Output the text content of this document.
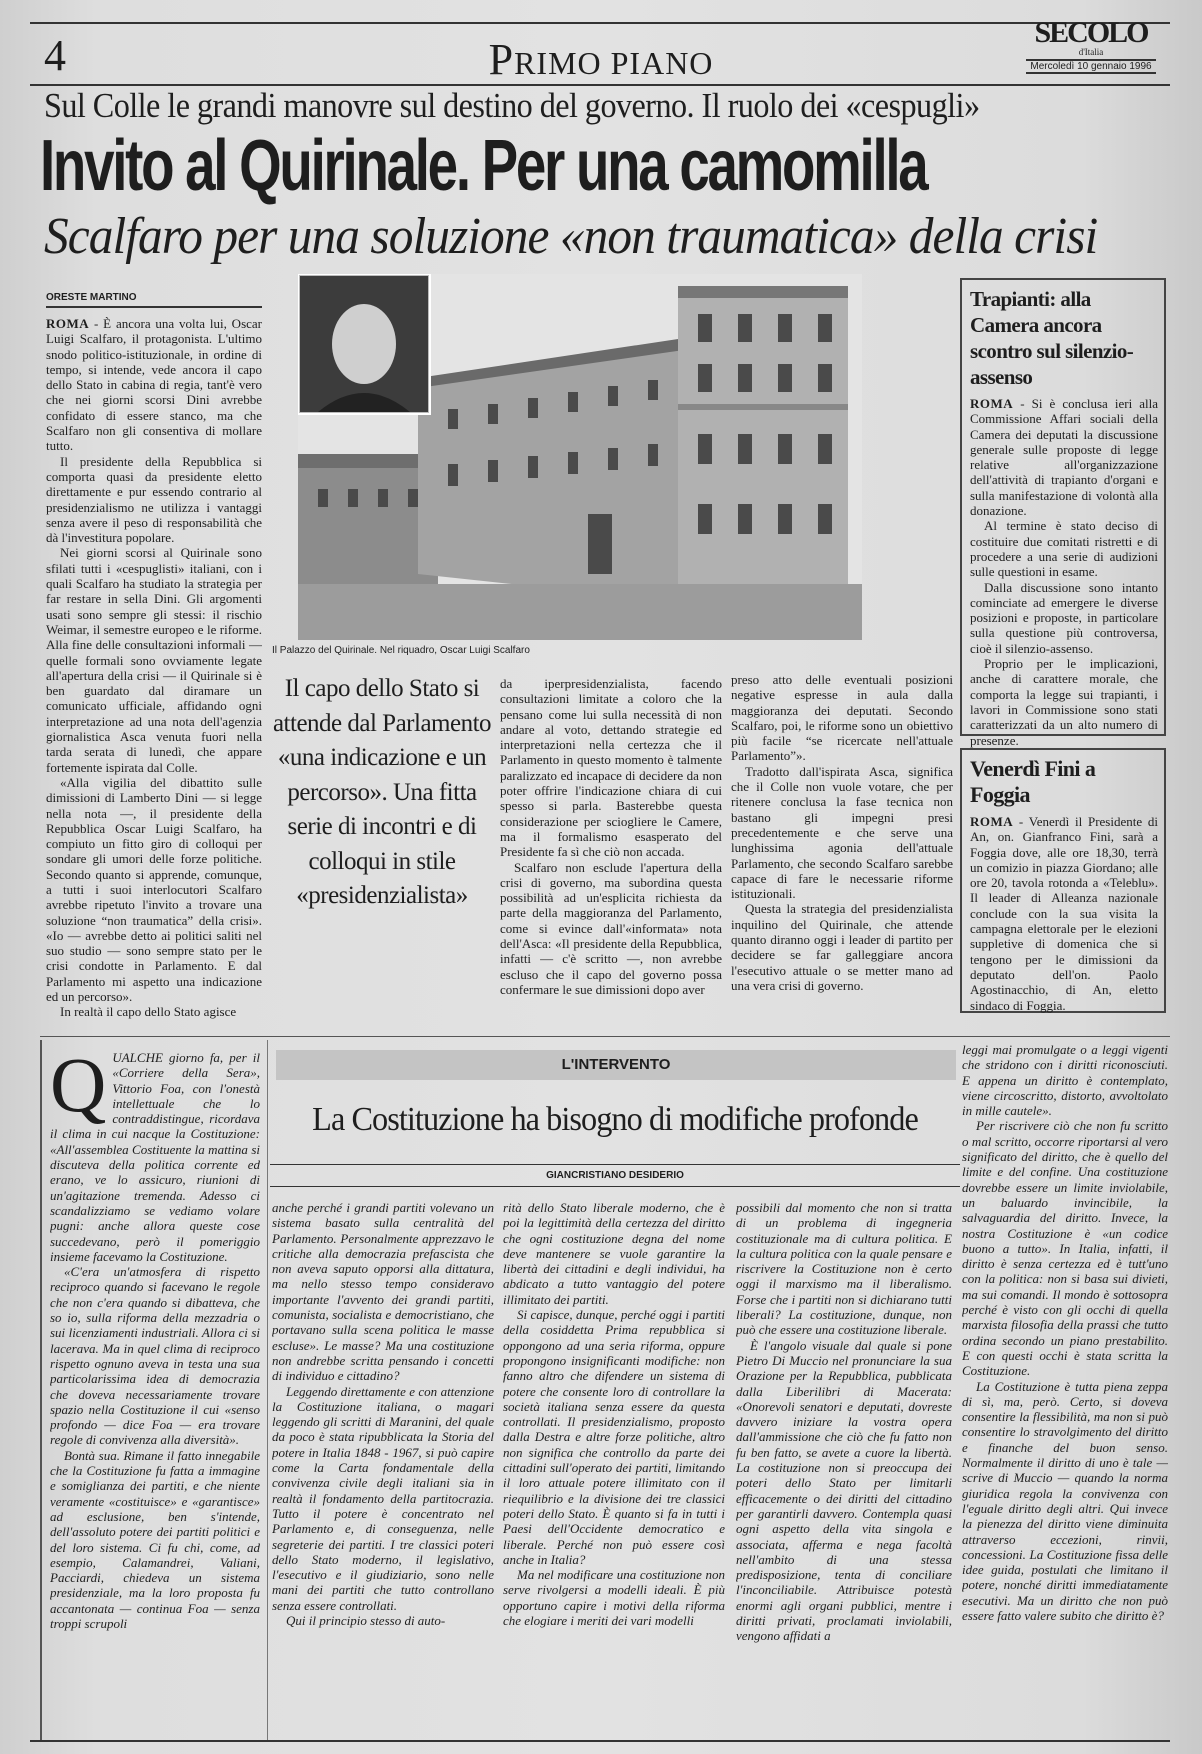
4	PRIMO PIANO
SECOLO
d'Italia
Mercoledì 10 gennaio 1996
Sul Colle le grandi manovre sul destino del governo. Il ruolo dei «cespugli»
Invito al Quirinale. Per una camomilla
Scalfaro per una soluzione «non traumatica» della crisi
ORESTE MARTINO

ROMA - È ancora una volta lui, Oscar Luigi Scalfaro, il protagonista. L'ultimo snodo politico-istituzionale, in ordine di tempo, si intende, vede ancora il capo dello Stato in cabina di regia, tant'è vero che nei giorni scorsi Dini avrebbe confidato di essere stanco, ma che Scalfaro non gli consentiva di mollare tutto.

Il presidente della Repubblica si comporta quasi da presidente eletto direttamente e pur essendo contrario al presidenzialismo ne utilizza i vantaggi senza avere il peso di responsabilità che dà l'investitura popolare.

Nei giorni scorsi al Quirinale sono sfilati tutti i «cespuglisti» italiani, con i quali Scalfaro ha studiato la strategia per far restare in sella Dini. Gli argomenti usati sono sempre gli stessi: il rischio Weimar, il semestre europeo e le riforme. Alla fine delle consultazioni informali — quelle formali sono ovviamente legate all'apertura della crisi — il Quirinale si è ben guardato dal diramare un comunicato ufficiale, affidando ogni interpretazione ad una nota dell'agenzia giornalistica Asca venuta fuori nella tarda serata di lunedì, che appare fortemente ispirata dal Colle.

«Alla vigilia del dibattito sulle dimissioni di Lamberto Dini — si legge nella nota —, il presidente della Repubblica Oscar Luigi Scalfaro, ha compiuto un fitto giro di colloqui per sondare gli umori delle forze politiche. Secondo quanto si apprende, comunque, a tutti i suoi interlocutori Scalfaro avrebbe ripetuto l'invito a trovare una soluzione “non traumatica” della crisi». «Io — avrebbe detto ai politici saliti nel suo studio — sono sempre stato per le crisi condotte in Parlamento. E dal Parlamento mi aspetto una indicazione ed un percorso».

In realtà il capo dello Stato agisce

Il Palazzo del Quirinale. Nel riquadro, Oscar Luigi Scalfaro
Il capo dello Stato si attende dal Parlamento «una indicazione e un percorso». Una fitta serie di incontri e di colloqui in stile «presidenzialista»

da iperpresidenzialista, facendo consultazioni limitate a coloro che la pensano come lui sulla necessità di non andare al voto, dettando strategie ed interpretazioni nella certezza che il Parlamento in questo momento è talmente paralizzato ed incapace di decidere da non poter offrire l'indicazione chiara di cui spesso si parla. Basterebbe questa considerazione per sciogliere le Camere, ma il formalismo esasperato del Presidente fa sì che ciò non accada.

Scalfaro non esclude l'apertura della crisi di governo, ma subordina questa possibilità ad un'esplicita richiesta da parte della maggioranza del Parlamento, come si evince dall'«informata» nota dell'Asca: «Il presidente della Repubblica, infatti — c'è scritto —, non avrebbe escluso che il capo del governo possa confermare le sue dimissioni dopo aver

preso atto delle eventuali posizioni negative espresse in aula dalla maggioranza dei deputati. Secondo Scalfaro, poi, le riforme sono un obiettivo più facile “se ricercate nell'attuale Parlamento”».

Tradotto dall'ispirata Asca, significa che il Colle non vuole votare, che per ritenere conclusa la fase tecnica non bastano gli impegni presi precedentemente e che serve una lunghissima agonia dell'attuale Parlamento, che secondo Scalfaro sarebbe capace di fare le necessarie riforme istituzionali.

Questa la strategia del presidenzialista inquilino del Quirinale, che attende quanto diranno oggi i leader di partito per decidere se far galleggiare ancora l'esecutivo attuale o se metter mano ad una vera crisi di governo.

Trapianti: alla Camera ancora scontro sul silenzio-assenso

ROMA - Si è conclusa ieri alla Commissione Affari sociali della Camera dei deputati la discussione generale sulle proposte di legge relative all'organizzazione dell'attività di trapianto d'organi e sulla manifestazione di volontà alla donazione.

Al termine è stato deciso di costituire due comitati ristretti e di procedere a una serie di audizioni sulle questioni in esame.

Dalla discussione sono intanto cominciate ad emergere le diverse posizioni e proposte, in particolare sulla questione più controversa, cioè il silenzio-assenso.

Proprio per le implicazioni, anche di carattere morale, che comporta la legge sui trapianti, i lavori in Commissione sono stati caratterizzati da un alto numero di presenze.

Venerdì Fini a Foggia

ROMA - Venerdì il Presidente di An, on. Gianfranco Fini, sarà a Foggia dove, alle ore 18,30, terrà un comizio in piazza Giordano; alle ore 20, tavola rotonda a «Teleblu». Il leader di Alleanza nazionale conclude con la sua visita la campagna elettorale per le elezioni suppletive di domenica che si tengono per le dimissioni da deputato dell'on. Paolo Agostinacchio, di An, eletto sindaco di Foggia.

QUALCHE giorno fa, per il «Corriere della Sera», Vittorio Foa, con l'onestà intellettuale che lo contraddistingue, ricordava il clima in cui nacque la Costituzione: «All'assemblea Costituente la mattina si discuteva della politica corrente ed erano, ve lo assicuro, riunioni di un'agitazione tremenda. Adesso ci scandalizziamo se vediamo volare pugni: anche allora queste cose succedevano, però il pomeriggio insieme facevamo la Costituzione.

«C'era un'atmosfera di rispetto reciproco quando si facevano le regole che non c'era quando si dibatteva, che so io, sulla riforma della mezzadria o sui licenziamenti industriali. Allora ci si lacerava. Ma in quel clima di reciproco rispetto ognuno aveva in testa una sua particolarissima idea di democrazia che doveva necessariamente trovare spazio nella Costituzione il cui «senso profondo — dice Foa — era trovare regole di convivenza alla diversità».

Bontà sua. Rimane il fatto innegabile che la Costituzione fu fatta a immagine e somiglianza dei partiti, e che niente veramente «costituisce» e «garantisce» ad esclusione, ben s'intende, dell'assoluto potere dei partiti politici e del loro sistema. Ci fu chi, come, ad esempio, Calamandrei, Valiani, Pacciardi, chiedeva un sistema presidenziale, ma la loro proposta fu accantonata — continua Foa — senza troppi scrupoli

L'INTERVENTO
La Costituzione ha bisogno di modifiche profonde
GIANCRISTIANO DESIDERIO

anche perché i grandi partiti volevano un sistema basato sulla centralità del Parlamento. Personalmente apprezzavo le critiche alla democrazia prefascista che non aveva saputo opporsi alla dittatura, ma nello stesso tempo consideravo importante l'avvento dei grandi partiti, comunista, socialista e democristiano, che portavano sulla scena politica le masse escluse». Le masse? Ma una costituzione non andrebbe scritta pensando i concetti di individuo e cittadino?

Leggendo direttamente e con attenzione la Costituzione italiana, o magari leggendo gli scritti di Maranini, del quale da poco è stata ripubblicata la Storia del potere in Italia 1848 - 1967, si può capire come la Carta fondamentale della convivenza civile degli italiani sia in realtà il fondamento della partitocrazia. Tutto il potere è concentrato nel Parlamento e, di conseguenza, nelle segreterie dei partiti. I tre classici poteri dello Stato moderno, il legislativo, l'esecutivo e il giudiziario, sono nelle mani dei partiti che tutto controllano senza essere controllati.

Qui il principio stesso di auto-

rità dello Stato liberale moderno, che è poi la legittimità della certezza del diritto che ogni costituzione degna del nome deve mantenere se vuole garantire la libertà dei cittadini e degli individui, ha abdicato a tutto vantaggio del potere illimitato dei partiti.

Si capisce, dunque, perché oggi i partiti della cosiddetta Prima repubblica si oppongono ad una seria riforma, oppure propongono insignificanti modifiche: non fanno altro che difendere un sistema di potere che consente loro di controllare la società italiana senza essere da questa controllati. Il presidenzialismo, proposto dalla Destra e altre forze politiche, altro non significa che controllo da parte dei cittadini sull'operato dei partiti, limitando il loro attuale potere illimitato con il riequilibrio e la divisione dei tre classici poteri dello Stato. È quanto si fa in tutti i Paesi dell'Occidente democratico e liberale. Perché non può essere così anche in Italia?

Ma nel modificare una costituzione non serve rivolgersi a modelli ideali. È più opportuno capire i motivi della riforma che elogiare i meriti dei vari modelli

possibili dal momento che non si tratta di un problema di ingegneria costituzionale ma di cultura politica. E la cultura politica con la quale pensare e riscrivere la Costituzione non è certo oggi il marxismo ma il liberalismo. Forse che i partiti non si dichiarano tutti liberali? La costituzione, dunque, non può che essere una costituzione liberale.

È l'angolo visuale dal quale si pone Pietro Di Muccio nel pronunciare la sua Orazione per la Repubblica, pubblicata dalla Liberilibri di Macerata: «Onorevoli senatori e deputati, dovreste davvero iniziare la vostra opera dall'ammissione che ciò che fu fatto non fu ben fatto, se avete a cuore la libertà. La costituzione non si preoccupa dei poteri dello Stato per limitarli efficacemente o dei diritti del cittadino per garantirli davvero. Contempla quasi ogni aspetto della vita singola e associata, afferma e nega facoltà nell'ambito di una stessa predisposizione, tenta di conciliare l'inconciliabile. Attribuisce potestà enormi agli organi pubblici, mentre i diritti privati, proclamati inviolabili, vengono affidati a

leggi mai promulgate o a leggi vigenti che stridono con i diritti riconosciuti. E appena un diritto è contemplato, viene circoscritto, distorto, avvoltolato in mille cautele».

Per riscrivere ciò che non fu scritto o mal scritto, occorre riportarsi al vero significato del diritto, che è quello del limite e del confine. Una costituzione dovrebbe essere un limite inviolabile, un baluardo invincibile, la salvaguardia del diritto. Invece, la nostra Costituzione è «un codice buono a tutto». In Italia, infatti, il diritto è senza certezza ed è tutt'uno con la politica: non si basa sui divieti, ma sui comandi. Il mondo è sottosopra perché è visto con gli occhi di quella marxista filosofia della prassi che tutto ordina secondo un piano prestabilito. E con questi occhi è stata scritta la Costituzione.

La Costituzione è tutta piena zeppa di sì, ma, però. Certo, si doveva consentire la flessibilità, ma non si può consentire lo stravolgimento del diritto e finanche del buon senso. Normalmente il diritto di uno è tale — scrive di Muccio — quando la norma giuridica regola la convivenza con l'eguale diritto degli altri. Qui invece la pienezza del diritto viene diminuita attraverso eccezioni, rinvii, concessioni. La Costituzione fissa delle idee guida, postulati che limitano il potere, nonché diritti immediatamente esecutivi. Ma un diritto che non può essere fatto valere subito che diritto è?
